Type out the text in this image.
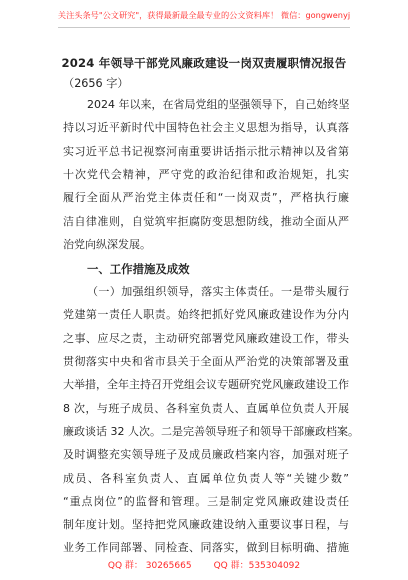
关注头条号"公文研究"，获得最新最全最专业的公文资料库！ 微信：gongwenyj
2024 年领导干部党风廉政建设一岗双责履职情况报告
（2656 字）
2024 年以来，在省局党组的坚强领导下，自己始终坚
持以习近平新时代中国特色社会主义思想为指导，认真落
实习近平总书记视察河南重要讲话指示批示精神以及省第
十次党代会精神，严守党的政治纪律和政治规矩，扎实
履行全面从严治党主体责任和“一岗双责”，严格执行廉
洁自律准则，自觉筑牢拒腐防变思想防线，推动全面从严
治党向纵深发展。
一、工作措施及成效
（一）加强组织领导，落实主体责任。一是带头履行
党建第一责任人职责。始终把抓好党风廉政建设作为分内
之事、应尽之责，主动研究部署党风廉政建设工作，带头
贯彻落实中央和省市县关于全面从严治党的决策部署及重
大举措，全年主持召开党组会议专题研究党风廉政建设工作
8 次，与班子成员、各科室负责人、直属单位负责人开展
廉政谈话 32 人次。二是完善领导班子和领导干部廉政档案。
及时调整充实领导班子及成员廉政档案内容，加强对班子
成员、各科室负责人、直属单位负责人等“关键少数”
“重点岗位”的监督和管理。三是制定党风廉政建设责任
制年度计划。坚持把党风廉政建设纳入重要议事日程，与
业务工作同部署、同检查、同落实，做到目标明确、措施
QQ 群： 30265665 QQ 群：535304092
